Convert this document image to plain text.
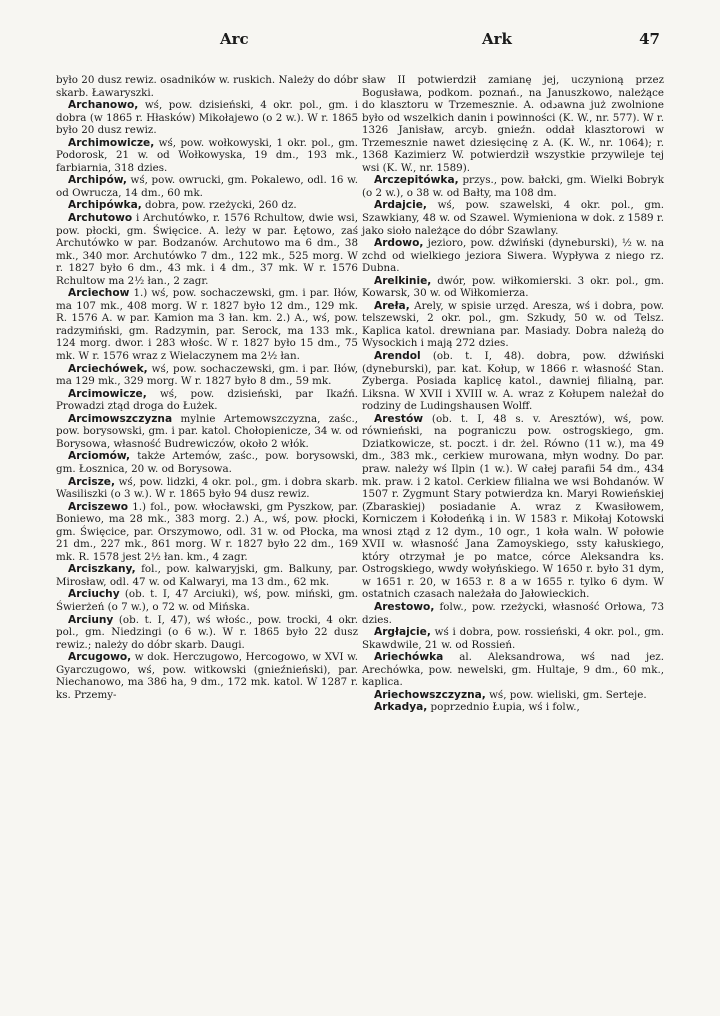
Arc	Ark	47

było 20 dusz rewiz. osadników w. ruskich. Należy do dóbr skarb. Ławaryszki.

Archanowo, wś, pow. dzisieński, 4 okr. pol., gm. i dobra (w 1865 r. Hłasków) Mikołajewo (o 2 w.). W r. 1865 było 20 dusz rewiz.

Archimowicze, wś, pow. wołkowyski, 1 okr. pol., gm. Podorosk, 21 w. od Wołkowyska, 19 dm., 193 mk., farbiarnia, 318 dzies.

Archipów, wś, pow. owrucki, gm. Pokalewo, odl. 16 w. od Owrucza, 14 dm., 60 mk.

Archipówka, dobra, pow. rzeżycki, 260 dz.

Archutowo i Archutówko, r. 1576 Rchultow, dwie wsi, pow. płocki, gm. Święcice. A. leży w par. Łętowo, zaś Archutówko w par. Bodzanów. Archutowo ma 6 dm., 38 mk., 340 mor. Archutówko 7 dm., 122 mk., 525 morg. W r. 1827 było 6 dm., 43 mk. i 4 dm., 37 mk. W r. 1576 Rchultow ma 2½ łan., 2 zagr.

Arciechow 1.) wś, pow. sochaczewski, gm. i par. Iłów, ma 107 mk., 408 morg. W r. 1827 było 12 dm., 129 mk. R. 1576 A. w par. Kamion ma 3 łan. km. 2.) A., wś, pow. radzymiński, gm. Radzymin, par. Serock, ma 133 mk., 124 morg. dwor. i 283 włośc. W r. 1827 było 15 dm., 75 mk. W r. 1576 wraz z Wielaczynem ma 2½ łan.

Arciechówek, wś, pow. sochaczewski, gm. i par. Iłów, ma 129 mk., 329 morg. W r. 1827 było 8 dm., 59 mk.

Arcimowicze, wś, pow. dzisieński, par Ikaźń. Prowadzi ztąd droga do Łużek.

Arcimowszczyzna mylnie Artemowszczyzna, zaśc., pow. borysowski, gm. i par. katol. Chołopienicze, 34 w. od Borysowa, własność Budrewiczów, około 2 włók.

Arciomów, także Artemów, zaśc., pow. borysowski, gm. Łosznica, 20 w. od Borysowa.

Arcisze, wś, pow. lidzki, 4 okr. pol., gm. i dobra skarb. Wasiliszki (o 3 w.). W r. 1865 było 94 dusz rewiz.

Arciszewo 1.) fol., pow. włocławski, gm Pyszkow, par. Boniewo, ma 28 mk., 383 morg. 2.) A., wś, pow. płocki, gm. Święcice, par. Orszymowo, odl. 31 w. od Płocka, ma 21 dm., 227 mk., 861 morg. W r. 1827 było 22 dm., 169 mk. R. 1578 jest 2½ łan. km., 4 zagr.

Arciszkany, fol., pow. kalwaryjski, gm. Balkuny, par. Mirosław, odl. 47 w. od Kalwaryi, ma 13 dm., 62 mk.

Arciuchy (ob. t. I, 47 Arciuki), wś, pow. miński, gm. Świerżeń (o 7 w.), o 72 w. od Mińska.

Arciuny (ob. t. I, 47), wś włośc., pow. trocki, 4 okr. pol., gm. Niedzingi (o 6 w.). W r. 1865 było 22 dusz rewiz.; należy do dóbr skarb. Daugi.

Arcugowo, w dok. Herczugowo, Hercogowo, w XVI w. Gyarczugowo, wś, pow. witkowski (gnieźnieński), par. Niechanowo, ma 386 ha, 9 dm., 172 mk. katol. W 1287 r. ks. Przemy-

sław II potwierdził zamianę jej, uczynioną przez Bogusława, podkom. poznań., na Januszkowo, należące do klasztoru w Trzemesznie. A. odدawna już zwolnione było od wszelkich danin i powinności (K. W., nr. 577). W r. 1326 Janisław, arcyb. gnieźn. oddał klasztorowi w Trzemesznie nawet dziesięcinę z A. (K. W., nr. 1064); r. 1368 Kazimierz W. potwierdził wszystkie przywileje tej wsi (K. W., nr. 1589).

Arczepitówka, przys., pow. bałcki, gm. Wielki Bobryk (o 2 w.), o 38 w. od Bałty, ma 108 dm.

Ardajcie, wś, pow. szawelski, 4 okr. pol., gm. Szawkiany, 48 w. od Szawel. Wymieniona w dok. z 1589 r. jako sioło należące do dóbr Szawlany.

Ardowo, jezioro, pow. dźwiński (dyneburski), ½ w. na zchd od wielkiego jeziora Siwera. Wypływa z niego rz. Dubna.

Arelkinie, dwór, pow. wiłkomierski. 3 okr. pol., gm. Kowarsk, 30 w. od Wiłkomierza.

Areła, Arely, w spisie urzęd. Aresza, wś i dobra, pow. telszewski, 2 okr. pol., gm. Szkudy, 50 w. od Telsz. Kaplica katol. drewniana par. Masiady. Dobra należą do Wysockich i mają 272 dzies.

Arendol (ob. t. I, 48). dobra, pow. dźwiński (dyneburski), par. kat. Kołup, w 1866 r. własność Stan. Zyberga. Posiada kaplicę katol., dawniej filialną, par. Liksna. W XVII i XVIII w. A. wraz z Kołupem należał do rodziny de Ludingshausen Wolff.

Arestów (ob. t. I, 48 s. v. Aresztów), wś, pow. równieński, na pograniczu pow. ostrogskiego, gm. Dziatkowicze, st. poczt. i dr. żel. Równo (11 w.), ma 49 dm., 383 mk., cerkiew murowana, młyn wodny. Do par. praw. należy wś Ilpin (1 w.). W całej parafii 54 dm., 434 mk. praw. i 2 katol. Cerkiew filialna we wsi Bohdanów. W 1507 r. Zygmunt Stary potwierdza kn. Maryi Rowieńskiej (Zbaraskiej) posiadanie A. wraz z Kwasiłowem, Korniczem i Kołodeńką i in. W 1583 r. Mikołaj Kotowski wnosi ztąd z 12 dym., 10 ogr., 1 koła waln. W połowie XVII w. własność Jana Zamoyskiego, ssty kałuskiego, który otrzymał je po matce, córce Aleksandra ks. Ostrogskiego, wwdy wołyńskiego. W 1650 r. było 31 dym, w 1651 r. 20, w 1653 r. 8 a w 1655 r. tylko 6 dym. W ostatnich czasach należała do Jałowieckich.

Arestowo, folw., pow. rzeżycki, własność Orłowa, 73 dzies.

Argłajcie, wś i dobra, pow. rossieński, 4 okr. pol., gm. Skawdwile, 21 w. od Rossień.

Ariechówka al. Aleksandrowa, wś nad jez. Arechówka, pow. newelski, gm. Hultaje, 9 dm., 60 mk., kaplica.

Ariechowszczyzna, wś, pow. wieliski, gm. Serteje.

Arkadya, poprzednio Łupia, wś i folw.,
